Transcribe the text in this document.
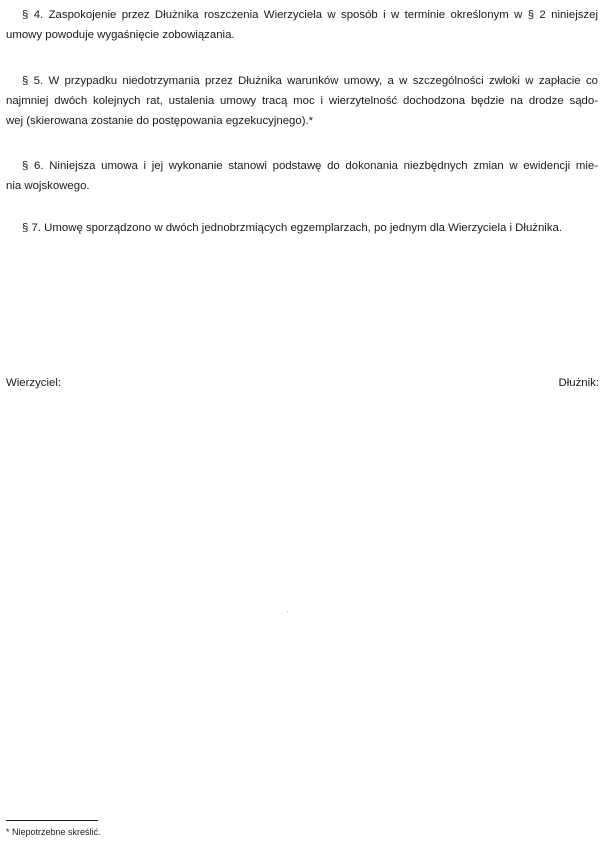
§ 4. Zaspokojenie przez Dłużnika roszczenia Wierzyciela w sposób i w terminie określonym w § 2 niniejszej
umowy powoduje wygaśnięcie zobowiązania.
§ 5. W przypadku niedotrzymania przez Dłużnika warunków umowy, a w szczególności zwłoki w zapłacie co
najmniej dwóch kolejnych rat, ustalenia umowy tracą moc i wierzytelność dochodzona będzie na drodze sądo-
wej (skierowana zostanie do postępowania egzekucyjnego).*
§ 6. Niniejsza umowa i jej wykonanie stanowi podstawę do dokonania niezbędnych zmian w ewidencji mie-
nia wojskowego.
§ 7. Umowę sporządzono w dwóch jednobrzmiących egzemplarzach, po jednym dla Wierzyciela i Dłużnika.

Wierzyciel:	Dłużnik:

* Niepotrzebne skreślić.
